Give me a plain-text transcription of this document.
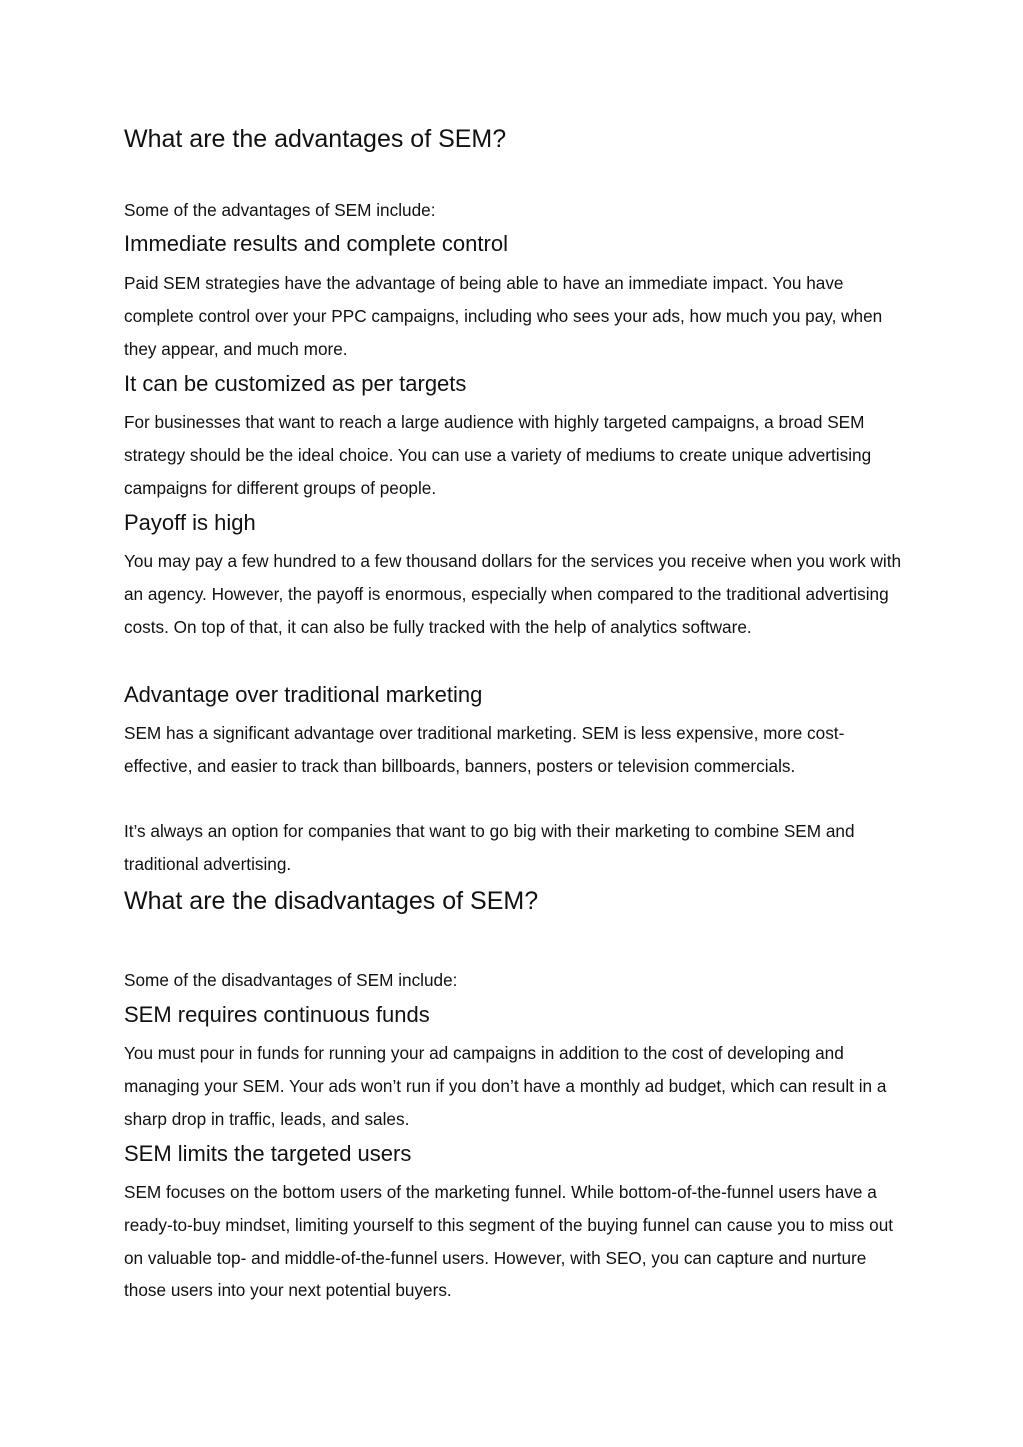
What are the advantages of SEM?

Some of the advantages of SEM include:

Immediate results and complete control

Paid SEM strategies have the advantage of being able to have an immediate impact. You have complete control over your PPC campaigns, including who sees your ads, how much you pay, when they appear, and much more.

It can be customized as per targets

For businesses that want to reach a large audience with highly targeted campaigns, a broad SEM strategy should be the ideal choice. You can use a variety of mediums to create unique advertising campaigns for different groups of people.

Payoff is high

You may pay a few hundred to a few thousand dollars for the services you receive when you work with an agency. However, the payoff is enormous, especially when compared to the traditional advertising costs. On top of that, it can also be fully tracked with the help of analytics software.

Advantage over traditional marketing

SEM has a significant advantage over traditional marketing. SEM is less expensive, more cost-effective, and easier to track than billboards, banners, posters or television commercials.

It’s always an option for companies that want to go big with their marketing to combine SEM and traditional advertising.

What are the disadvantages of SEM?

Some of the disadvantages of SEM include:

SEM requires continuous funds

You must pour in funds for running your ad campaigns in addition to the cost of developing and managing your SEM. Your ads won’t run if you don’t have a monthly ad budget, which can result in a sharp drop in traffic, leads, and sales.

SEM limits the targeted users

SEM focuses on the bottom users of the marketing funnel. While bottom-of-the-funnel users have a ready-to-buy mindset, limiting yourself to this segment of the buying funnel can cause you to miss out on valuable top- and middle-of-the-funnel users. However, with SEO, you can capture and nurture those users into your next potential buyers.
